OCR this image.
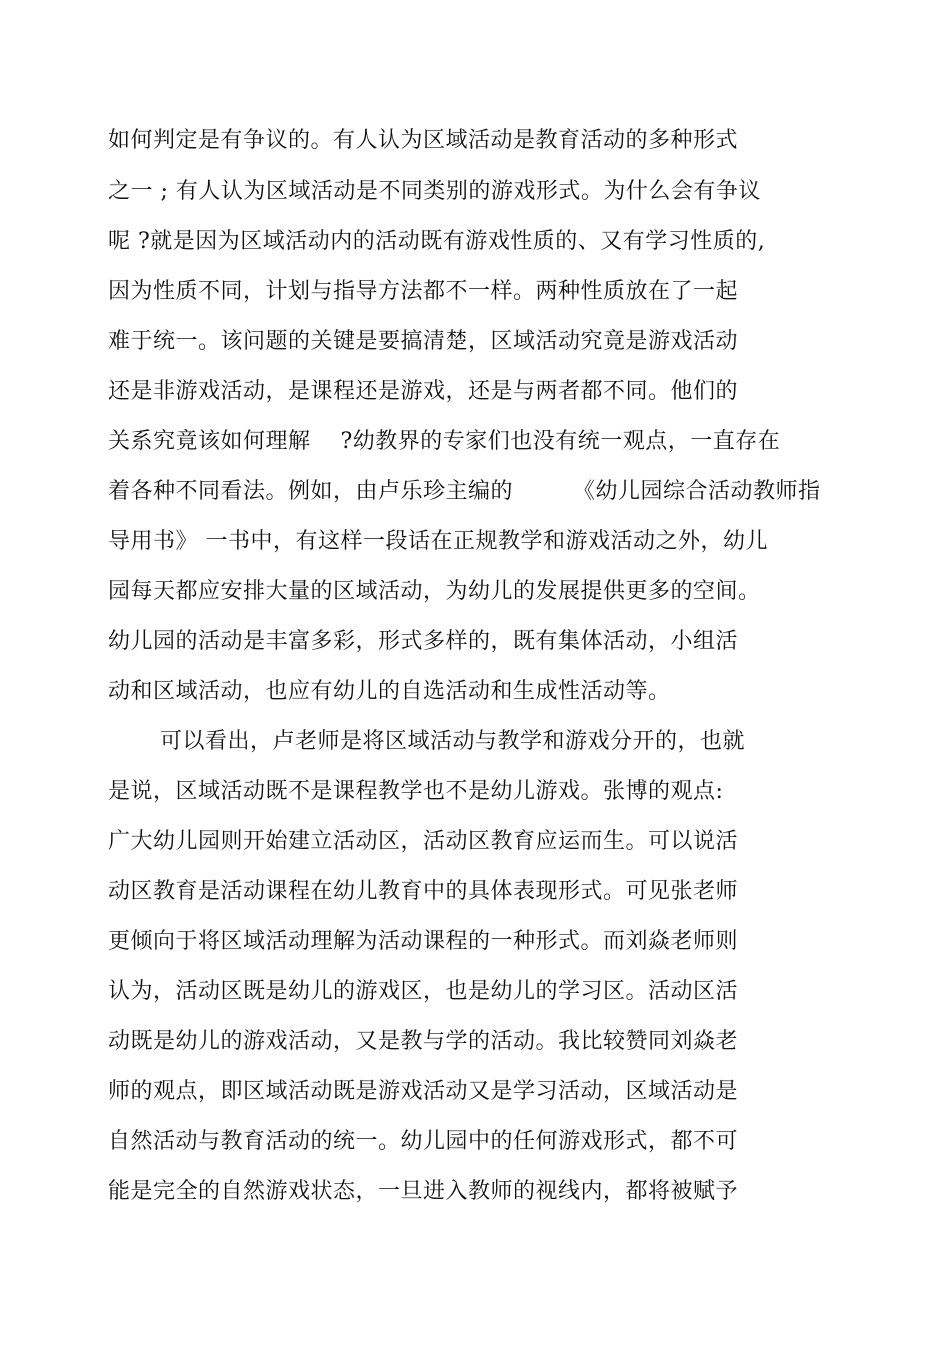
如何判定是有争议的。有人认为区域活动是教育活动的多种形式
之一 ; 有人认为区域活动是不同类别的游戏形式。为什么会有争议
呢 ?就是因为区域活动内的活动既有游戏性质的、又有学习性质的,
因为性质不同，计划与指导方法都不一样。两种性质放在了一起
难于统一。该问题的关键是要搞清楚，区域活动究竟是游戏活动
还是非游戏活动，是课程还是游戏，还是与两者都不同。他们的
关系究竟该如何理解    ?幼教界的专家们也没有统一观点，一直存在
着各种不同看法。例如，由卢乐珍主编的        《幼儿园综合活动教师指
导用书》 一书中，有这样一段话在正规教学和游戏活动之外，幼儿
园每天都应安排大量的区域活动，为幼儿的发展提供更多的空间。
幼儿园的活动是丰富多彩，形式多样的，既有集体活动，小组活
动和区域活动，也应有幼儿的自选活动和生成性活动等。
可以看出，卢老师是将区域活动与教学和游戏分开的，也就
是说，区域活动既不是课程教学也不是幼儿游戏。张博的观点:
广大幼儿园则开始建立活动区，活动区教育应运而生。可以说活
动区教育是活动课程在幼儿教育中的具体表现形式。可见张老师
更倾向于将区域活动理解为活动课程的一种形式。而刘焱老师则
认为，活动区既是幼儿的游戏区，也是幼儿的学习区。活动区活
动既是幼儿的游戏活动，又是教与学的活动。我比较赞同刘焱老
师的观点，即区域活动既是游戏活动又是学习活动，区域活动是
自然活动与教育活动的统一。幼儿园中的任何游戏形式，都不可
能是完全的自然游戏状态，一旦进入教师的视线内，都将被赋予
